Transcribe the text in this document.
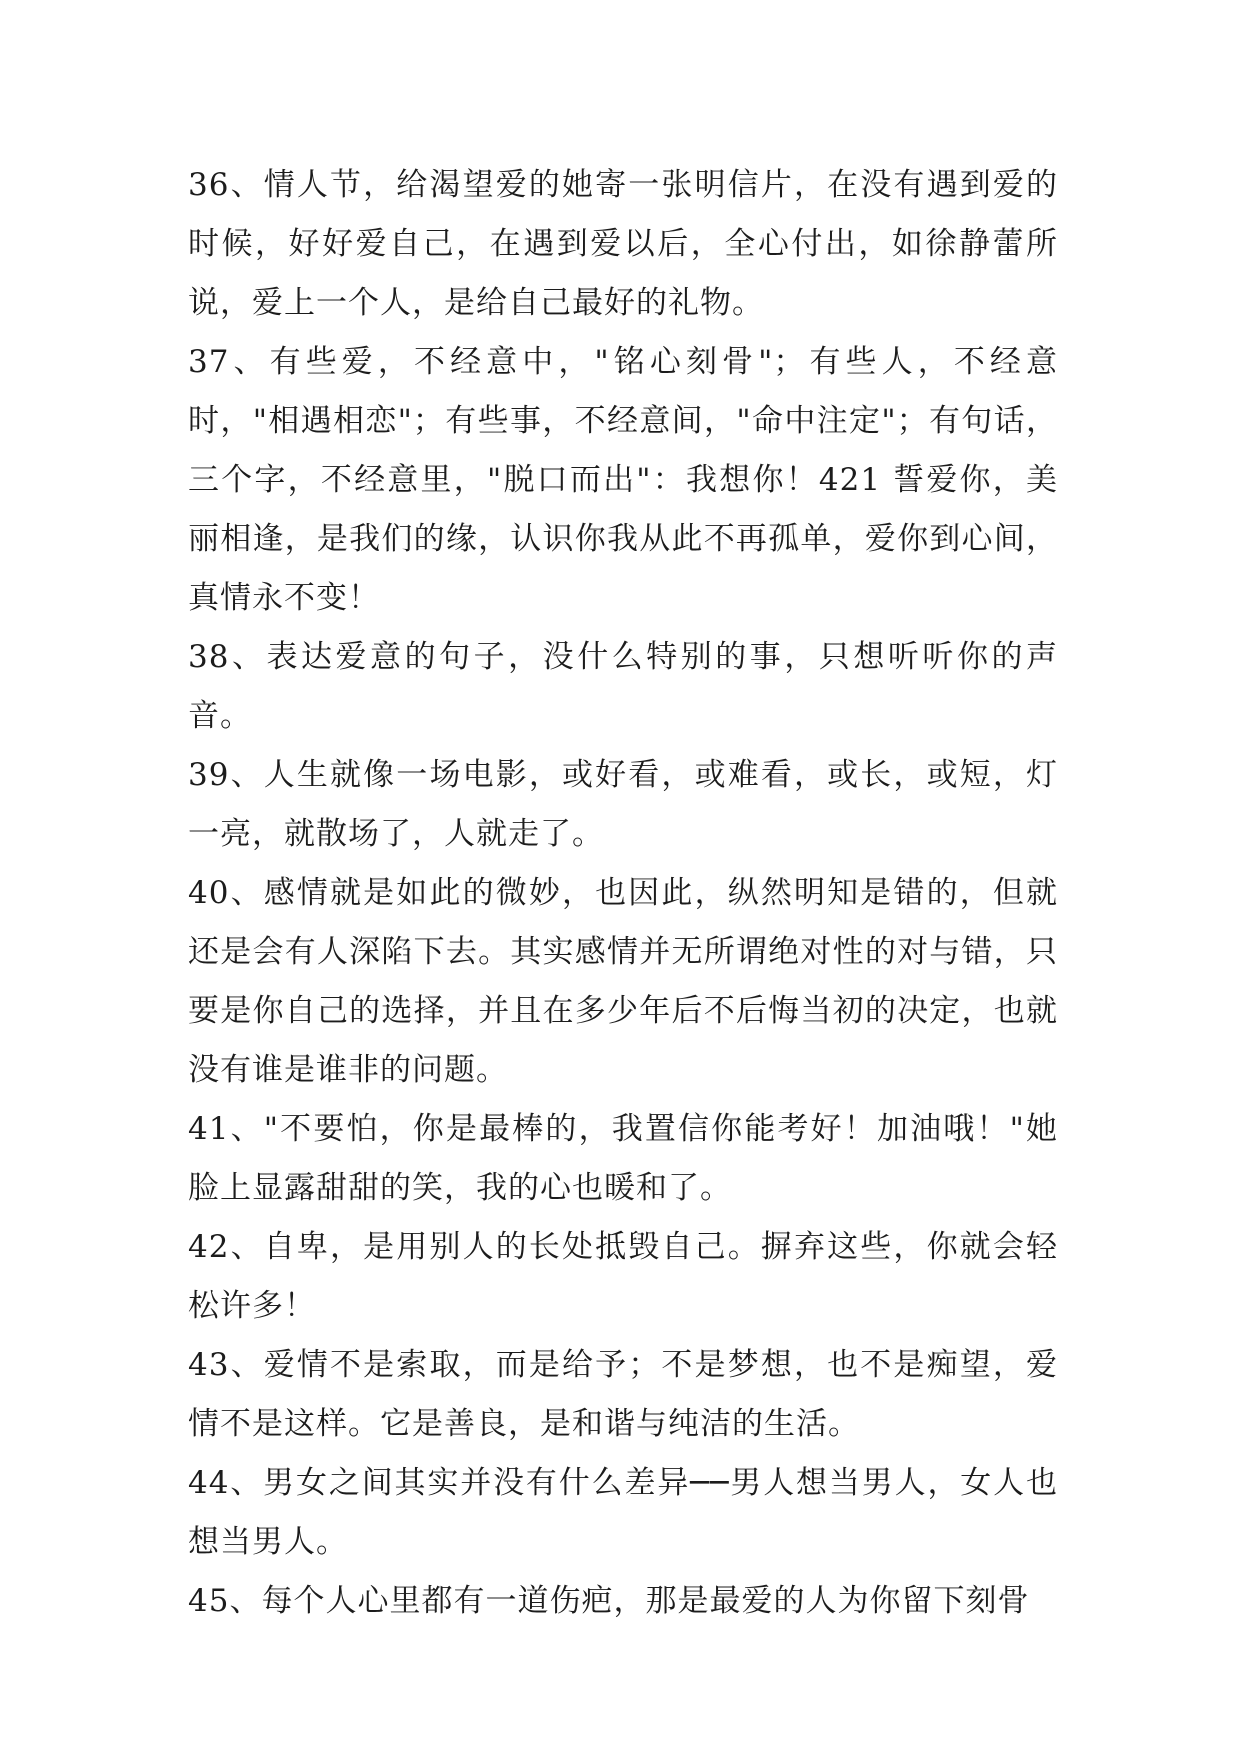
36、情人节，给渴望爱的她寄一张明信片，在没有遇到爱的时候，好好爱自己，在遇到爱以后，全心付出，如徐静蕾所说，爱上一个人，是给自己最好的礼物。

37、有些爱，不经意中，"铭心刻骨"；有些人，不经意时，"相遇相恋"；有些事，不经意间，"命中注定"；有句话，三个字，不经意里，"脱口而出"：我想你！421 誓爱你，美丽相逢，是我们的缘，认识你我从此不再孤单，爱你到心间，真情永不变！

38、表达爱意的句子，没什么特别的事，只想听听你的声音。

39、人生就像一场电影，或好看，或难看，或长，或短，灯一亮，就散场了，人就走了。

40、感情就是如此的微妙，也因此，纵然明知是错的，但就还是会有人深陷下去。其实感情并无所谓绝对性的对与错，只要是你自己的选择，并且在多少年后不后悔当初的决定，也就没有谁是谁非的问题。

41、"不要怕，你是最棒的，我置信你能考好！加油哦！"她脸上显露甜甜的笑，我的心也暖和了。

42、自卑，是用别人的长处抵毁自己。摒弃这些，你就会轻松许多！

43、爱情不是索取，而是给予；不是梦想，也不是痴望，爱情不是这样。它是善良，是和谐与纯洁的生活。

44、男女之间其实并没有什么差异──男人想当男人，女人也想当男人。

45、每个人心里都有一道伤疤，那是最爱的人为你留下刻骨
